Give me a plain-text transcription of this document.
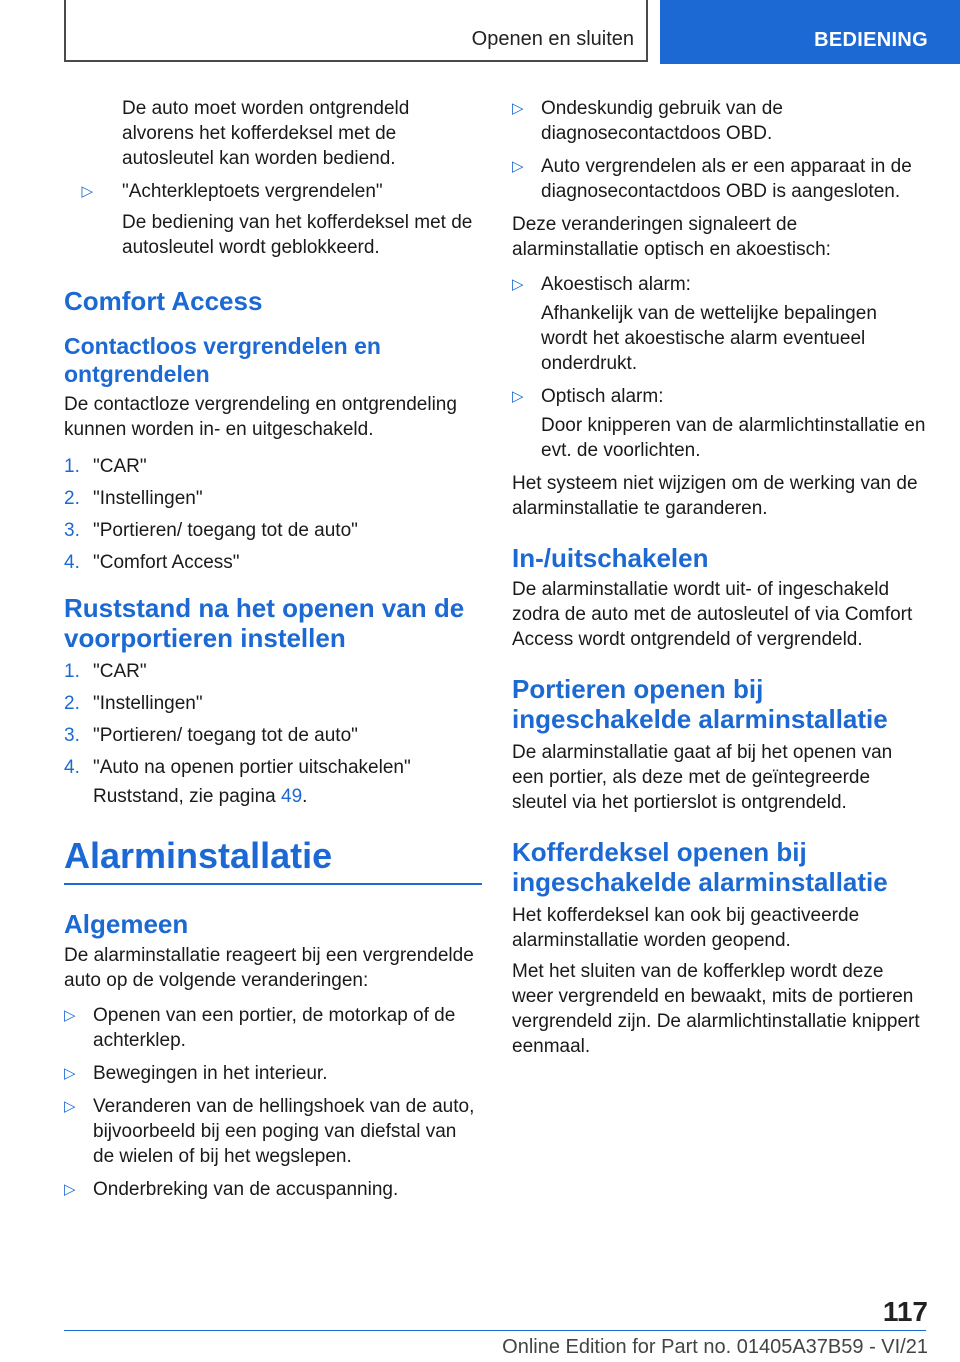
Openen en sluiten	BEDIENING

De auto moet worden ontgrendeld alvorens het kofferdeksel met de autosleutel kan worden bediend.

▷	"Achterkleptoets vergrendelen"

De bediening van het kofferdeksel met de autosleutel wordt geblokkeerd.

Comfort Access
Contactloos vergrendelen en ontgrendelen

De contactloze vergrendeling en ontgrendeling kunnen worden in- en uitgeschakeld.

1. "CAR"
2. "Instellingen"
3. "Portieren/ toegang tot de auto"
4. "Comfort Access"
Ruststand na het openen van de voorportieren instellen
1. "CAR"
2. "Instellingen"
3. "Portieren/ toegang tot de auto"
4. "Auto na openen portier uitschakelen"

Ruststand, zie pagina 49.

Alarminstallatie
Algemeen

De alarminstallatie reageert bij een vergrendelde auto op de volgende veranderingen:

▷ Openen van een portier, de motorkap of de achterklep.
▷ Bewegingen in het interieur.
▷ Veranderen van de hellingshoek van de auto, bijvoorbeeld bij een poging van diefstal van de wielen of bij het wegslepen.
▷ Onderbreking van de accuspanning.
▷ Ondeskundig gebruik van de diagnosecontactdoos OBD.
▷ Auto vergrendelen als er een apparaat in de diagnosecontactdoos OBD is aangesloten.

Deze veranderingen signaleert de alarminstallatie optisch en akoestisch:

▷ Akoestisch alarm:

Afhankelijk van de wettelijke bepalingen wordt het akoestische alarm eventueel onderdrukt.

▷ Optisch alarm:

Door knipperen van de alarmlichtinstallatie en evt. de voorlichten.

Het systeem niet wijzigen om de werking van de alarminstallatie te garanderen.

In-/uitschakelen

De alarminstallatie wordt uit- of ingeschakeld zodra de auto met de autosleutel of via Comfort Access wordt ontgrendeld of vergrendeld.

Portieren openen bij ingeschakelde alarminstallatie

De alarminstallatie gaat af bij het openen van een portier, als deze met de geïntegreerde sleutel via het portierslot is ontgrendeld.

Kofferdeksel openen bij ingeschakelde alarminstallatie

Het kofferdeksel kan ook bij geactiveerde alarminstallatie worden geopend.

Met het sluiten van de kofferklep wordt deze weer vergrendeld en bewaakt, mits de portieren vergrendeld zijn. De alarmlichtinstallatie knippert eenmaal.

117
Online Edition for Part no. 01405A37B59 - VI/21
